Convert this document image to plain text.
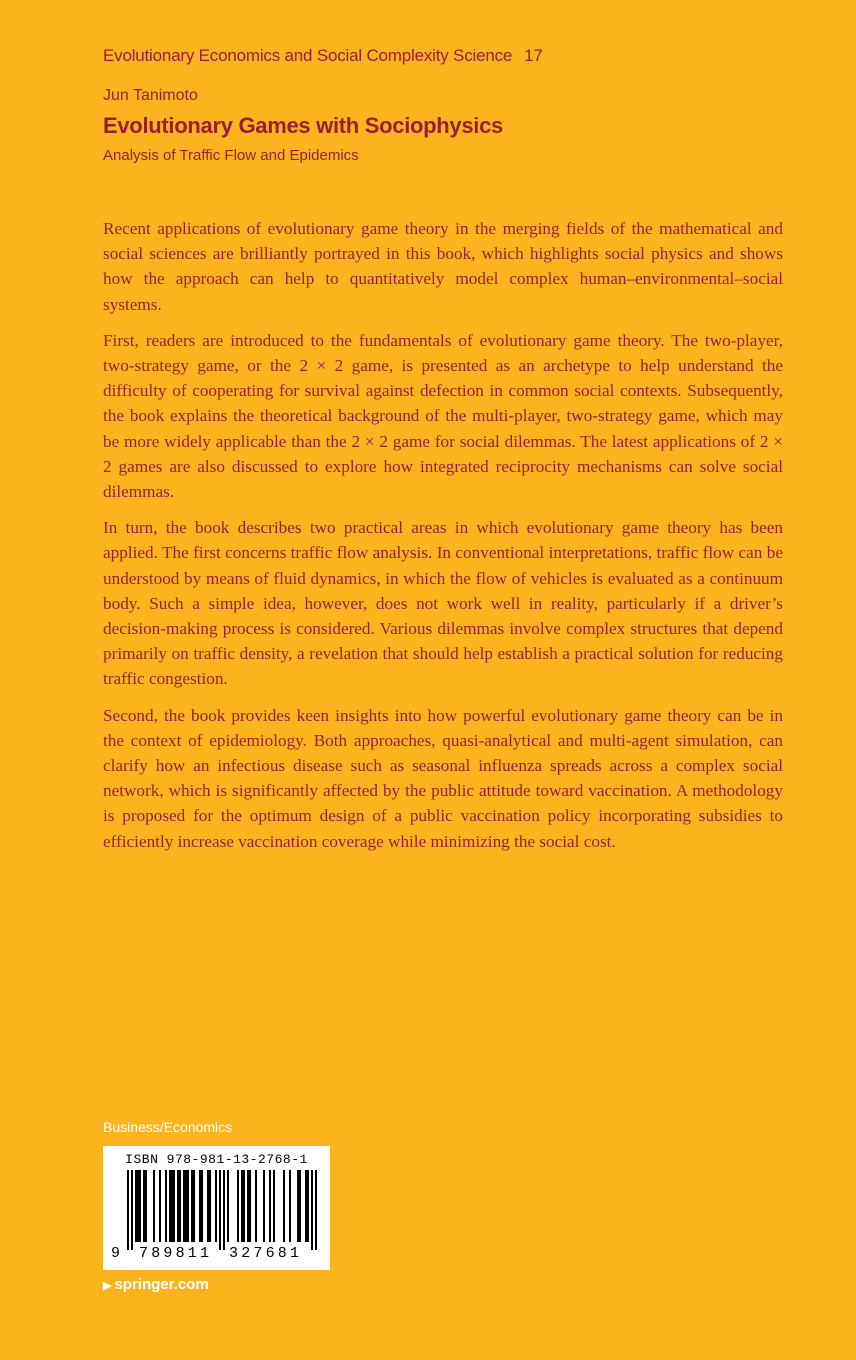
Evolutionary Economics and Social Complexity Science 17
Jun Tanimoto
Evolutionary Games with Sociophysics
Analysis of Traffic Flow and Epidemics

Recent applications of evolutionary game theory in the merging fields of the mathematical and social sciences are brilliantly portrayed in this book, which highlights social physics and shows how the approach can help to quantitatively model complex human–environmental–social systems.

First, readers are introduced to the fundamentals of evolutionary game theory. The two-player, two-strategy game, or the 2 × 2 game, is presented as an archetype to help understand the difficulty of cooperating for survival against defection in common social contexts. Subsequently, the book explains the theoretical background of the multi-player, two-strategy game, which may be more widely applicable than the 2 × 2 game for social dilemmas. The latest applications of 2 × 2 games are also discussed to explore how integrated reciprocity mechanisms can solve social dilemmas.

In turn, the book describes two practical areas in which evolutionary game theory has been applied. The first concerns traffic flow analysis. In conventional interpretations, traffic flow can be understood by means of fluid dynamics, in which the flow of vehicles is evaluated as a continuum body. Such a simple idea, however, does not work well in reality, particularly if a driver’s decision-making process is considered. Various dilemmas involve complex structures that depend primarily on traffic density, a revelation that should help establish a practical solution for reducing traffic congestion.

Second, the book provides keen insights into how powerful evolutionary game theory can be in the context of epidemiology. Both approaches, quasi-analytical and multi-agent simulation, can clarify how an infectious disease such as seasonal influenza spreads across a complex social network, which is significantly affected by the public attitude toward vaccination. A methodology is proposed for the optimum design of a public vaccination policy incorporating subsidies to efficiently increase vaccination coverage while minimizing the social cost.

Business/Economics
ISBN 978-981-13-2768-1
9 789811 327681
▶ springer.com
